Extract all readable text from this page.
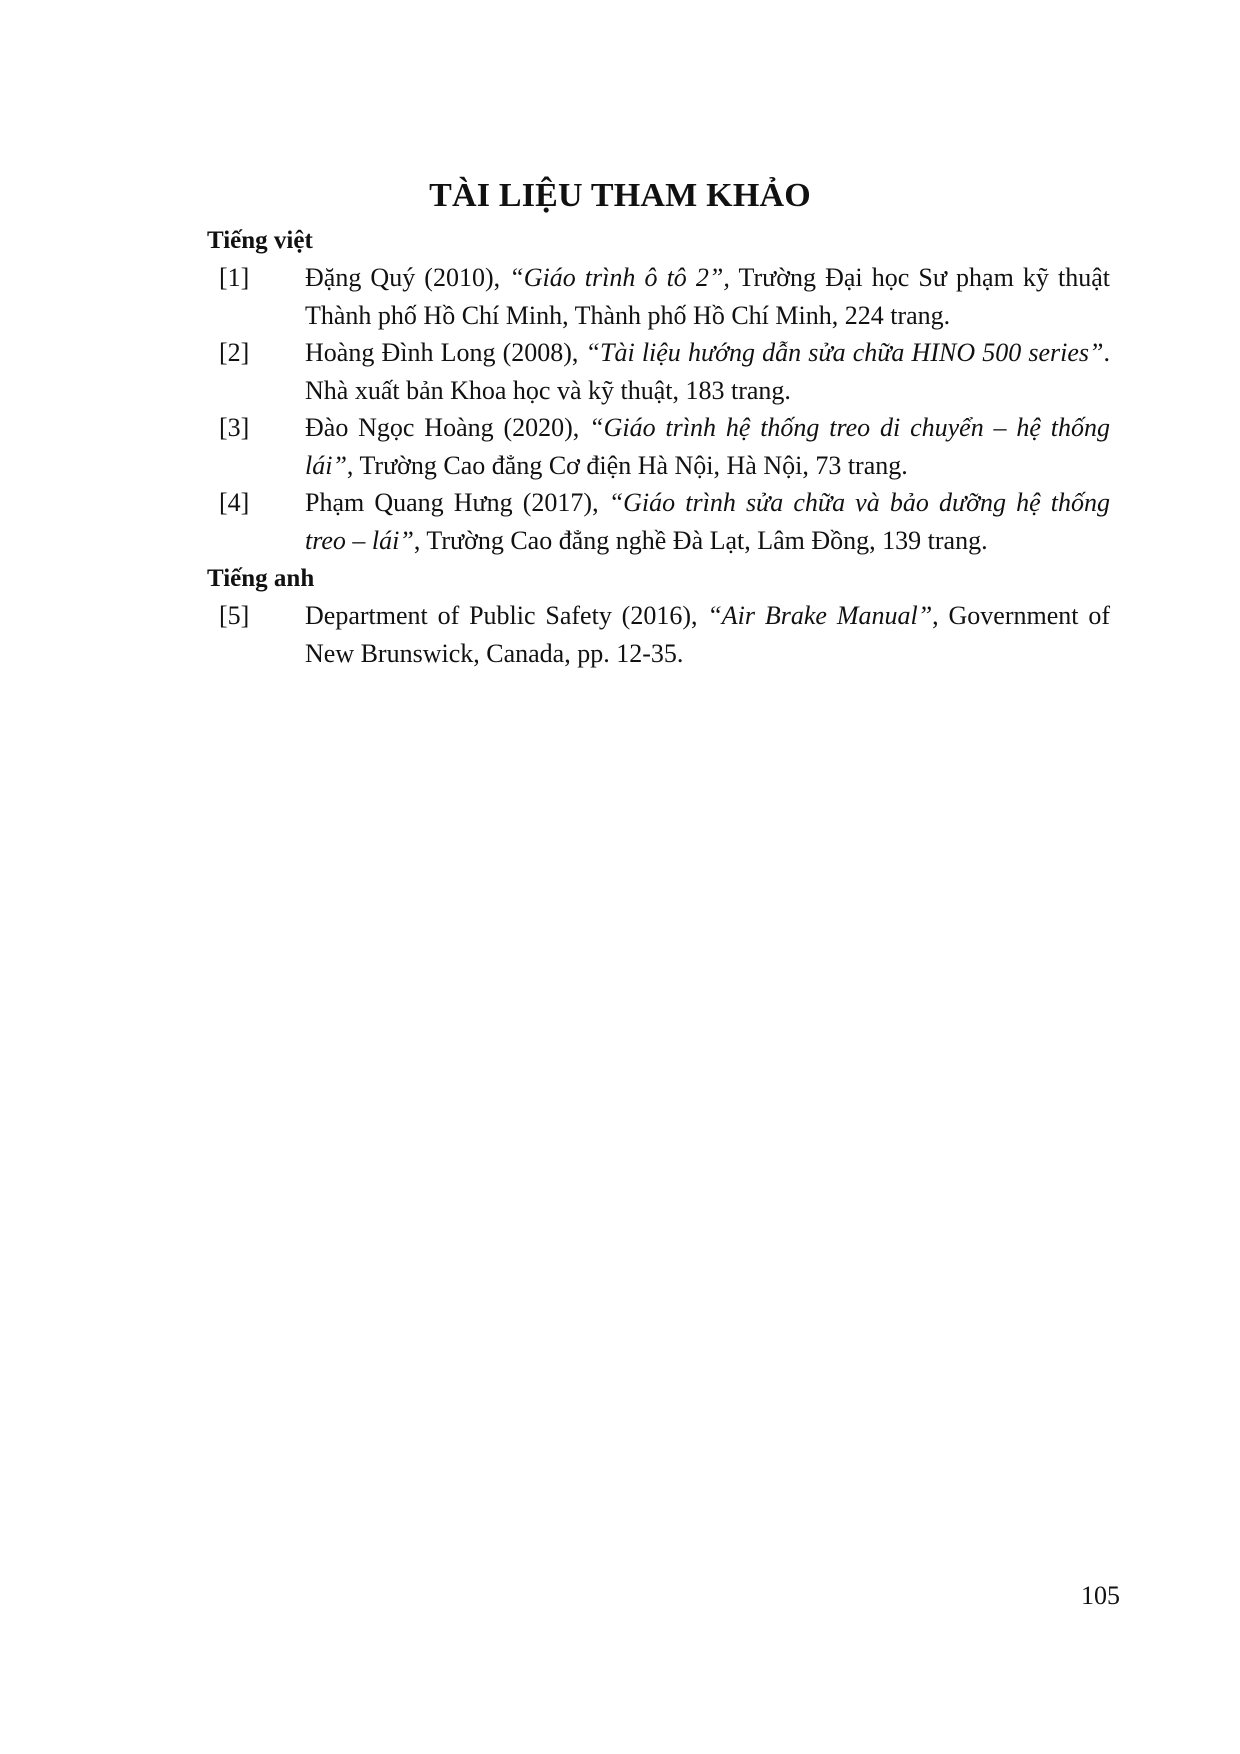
TÀI LIỆU THAM KHẢO
Tiếng việt
[1] Đặng Quý (2010), “Giáo trình ô tô 2”, Trường Đại học Sư phạm kỹ thuật Thành phố Hồ Chí Minh, Thành phố Hồ Chí Minh, 224 trang.
[2] Hoàng Đình Long (2008), “Tài liệu hướng dẫn sửa chữa HINO 500 series”. Nhà xuất bản Khoa học và kỹ thuật, 183 trang.
[3] Đào Ngọc Hoàng (2020), “Giáo trình hệ thống treo di chuyển – hệ thống lái”, Trường Cao đẳng Cơ điện Hà Nội, Hà Nội, 73 trang.
[4] Phạm Quang Hưng (2017), “Giáo trình sửa chữa và bảo dưỡng hệ thống treo – lái”, Trường Cao đẳng nghề Đà Lạt, Lâm Đồng, 139 trang.
Tiếng anh
[5] Department of Public Safety (2016), “Air Brake Manual”, Government of New Brunswick, Canada, pp. 12-35.
105
